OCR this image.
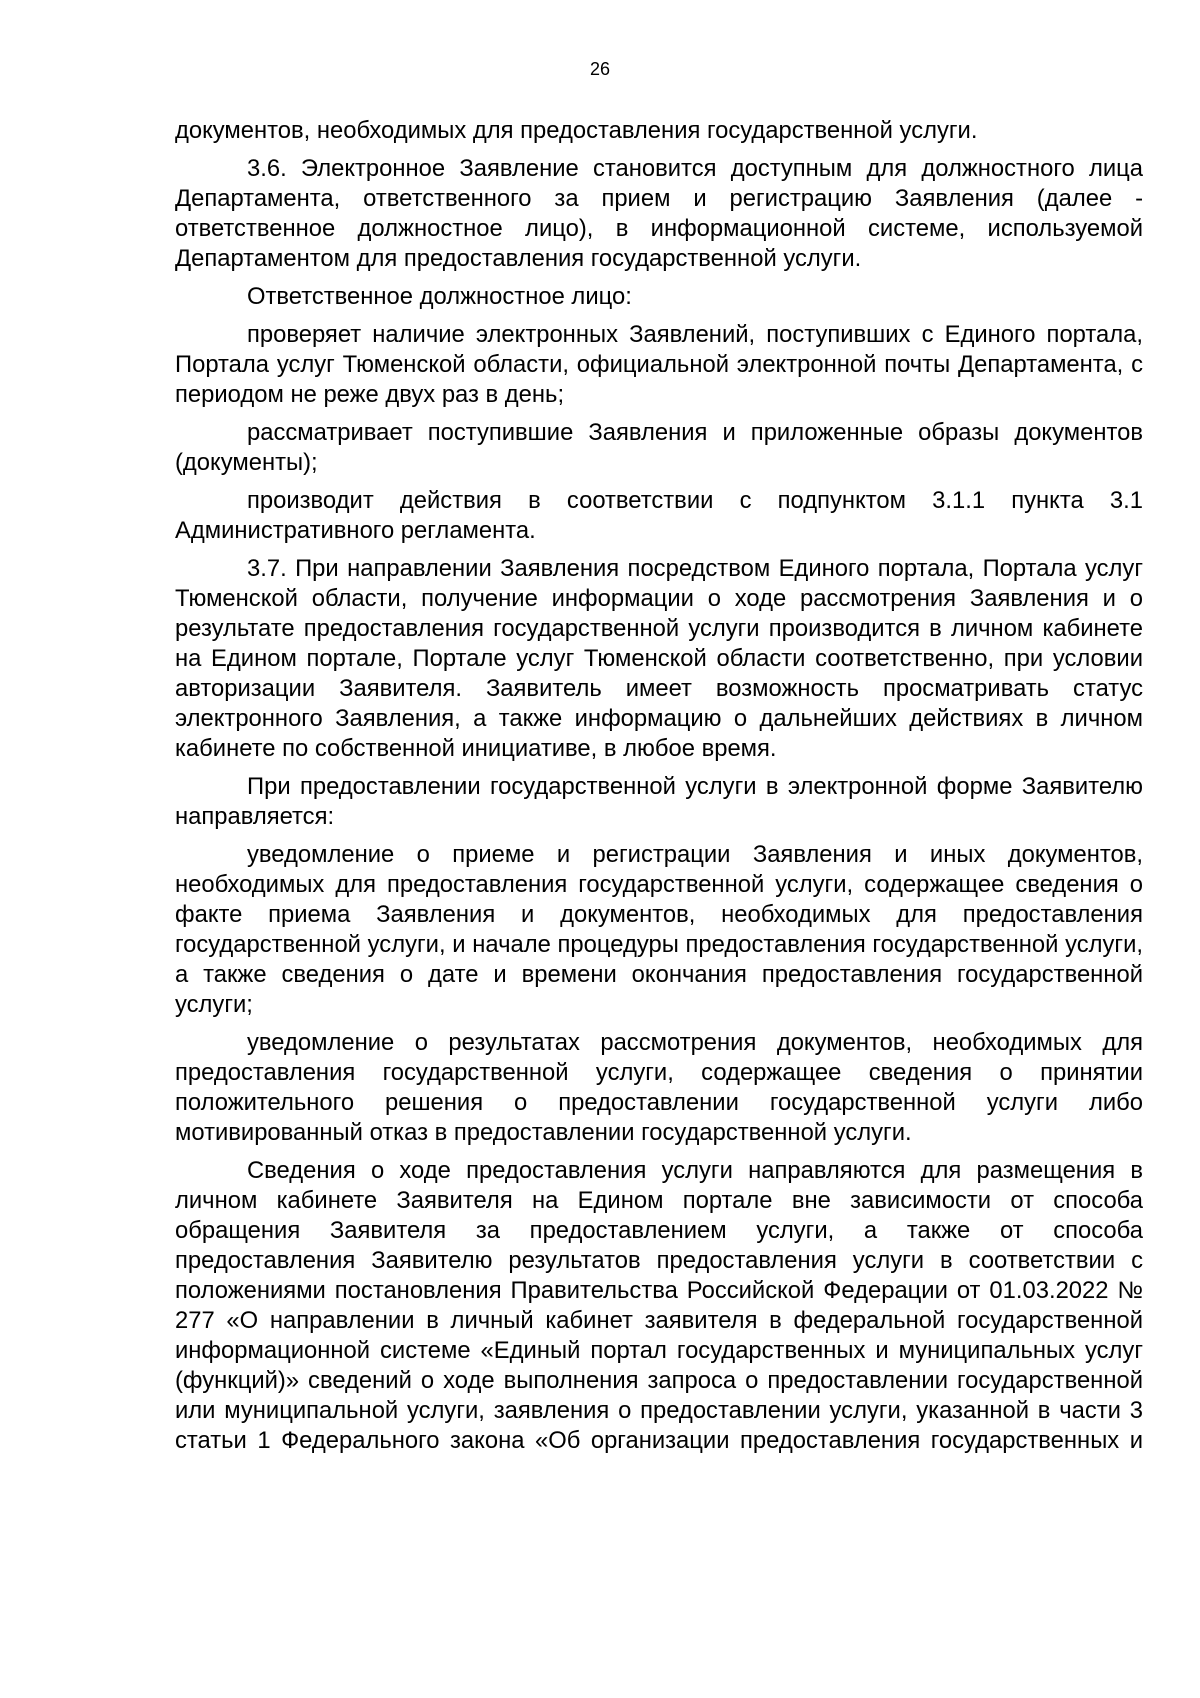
26

документов, необходимых для предоставления государственной услуги.

3.6. Электронное Заявление становится доступным для должностного лица Департамента, ответственного за прием и регистрацию Заявления (далее - ответственное должностное лицо), в информационной системе, используемой Департаментом для предоставления государственной услуги.

Ответственное должностное лицо:

проверяет наличие электронных Заявлений, поступивших с Единого портала, Портала услуг Тюменской области, официальной электронной почты Департамента, с периодом не реже двух раз в день;

рассматривает поступившие Заявления и приложенные образы документов (документы);

производит действия в соответствии с подпунктом 3.1.1 пункта 3.1 Административного регламента.

3.7. При направлении Заявления посредством Единого портала, Портала услуг Тюменской области, получение информации о ходе рассмотрения Заявления и о результате предоставления государственной услуги производится в личном кабинете на Едином портале, Портале услуг Тюменской области соответственно, при условии авторизации Заявителя. Заявитель имеет возможность просматривать статус электронного Заявления, а также информацию о дальнейших действиях в личном кабинете по собственной инициативе, в любое время.

При предоставлении государственной услуги в электронной форме Заявителю направляется:

уведомление о приеме и регистрации Заявления и иных документов, необходимых для предоставления государственной услуги, содержащее сведения о факте приема Заявления и документов, необходимых для предоставления государственной услуги, и начале процедуры предоставления государственной услуги, а также сведения о дате и времени окончания предоставления государственной услуги;

уведомление о результатах рассмотрения документов, необходимых для предоставления государственной услуги, содержащее сведения о принятии положительного решения о предоставлении государственной услуги либо мотивированный отказ в предоставлении государственной услуги.

Сведения о ходе предоставления услуги направляются для размещения в личном кабинете Заявителя на Едином портале вне зависимости от способа обращения Заявителя за предоставлением услуги, а также от способа предоставления Заявителю результатов предоставления услуги в соответствии с положениями постановления Правительства Российской Федерации от 01.03.2022 № 277 «О направлении в личный кабинет заявителя в федеральной государственной информационной системе «Единый портал государственных и муниципальных услуг (функций)» сведений о ходе выполнения запроса о предоставлении государственной или муниципальной услуги, заявления о предоставлении услуги, указанной в части 3 статьи 1 Федерального закона «Об организации предоставления государственных и
